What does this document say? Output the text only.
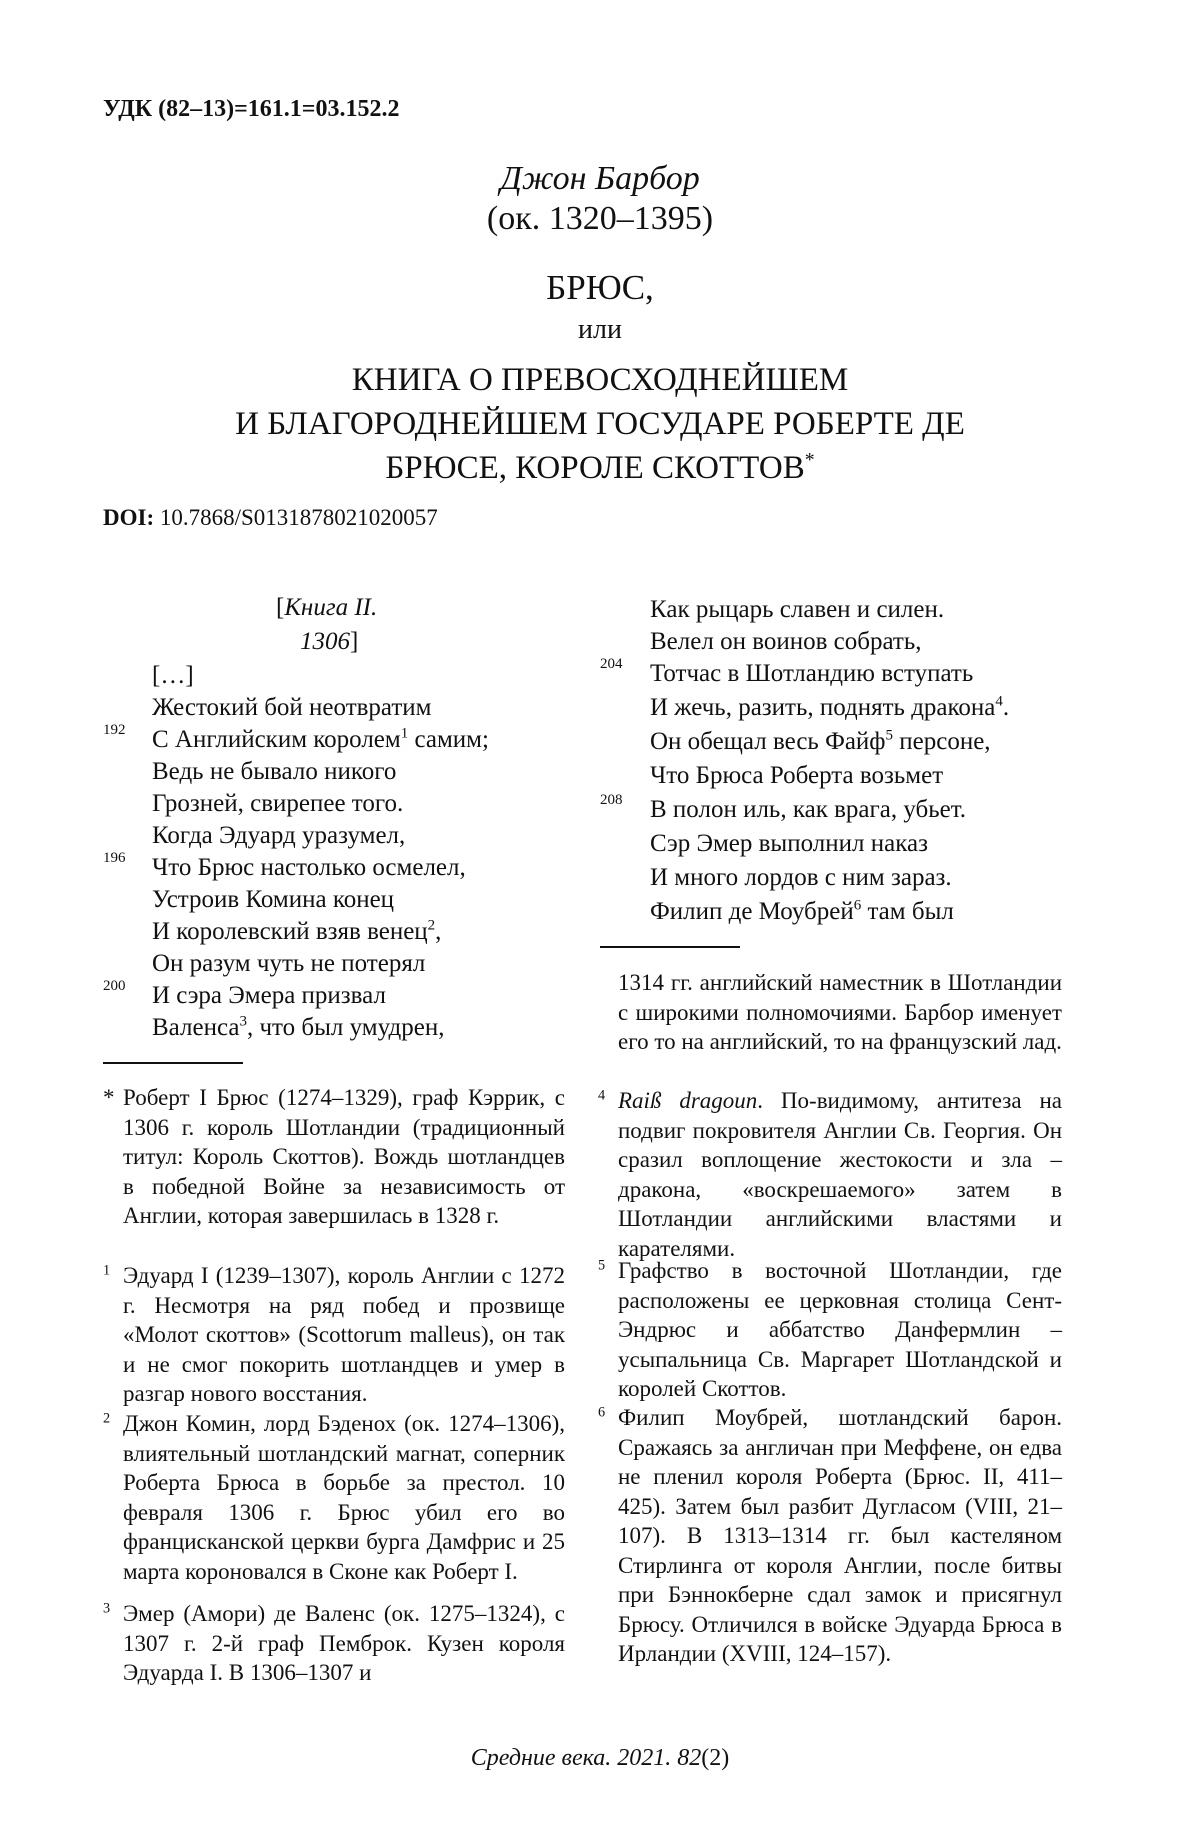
УДК (82–13)=161.1=03.152.2
Джон Барбор
(ок. 1320–1395)
БРЮС,
или
КНИГА О ПРЕВОСХОДНЕЙШЕМ
И БЛАГОРОДНЕЙШЕМ ГОСУДАРЕ РОБЕРТЕ ДЕ
БРЮСЕ, КОРОЛЕ СКОТТОВ*
DOI: 10.7868/S0131878021020057
[Книга II.
1306]
[…]
Жестокий бой неотвратим
192 С Английским королем1 самим;
Ведь не бывало никого
Грозней, свирепее того.
Когда Эдуард уразумел,
196 Что Брюс настолько осмелел,
Устроив Комина конец
И королевский взяв венец2,
Он разум чуть не потерял
200 И сэра Эмера призвал
Валенса3, что был умудрен,
Как рыцарь славен и силен.
Велел он воинов собрать,
204 Тотчас в Шотландию вступать
И жечь, разить, поднять дракона4.
Он обещал весь Файф5 персоне,
Что Брюса Роберта возьмет
208 В полон иль, как врага, убьет.
Сэр Эмер выполнил наказ
И много лордов с ним зараз.
Филип де Моубрей6 там был
* Роберт I Брюс (1274–1329), граф Кэррик, с 1306 г. король Шотландии (традиционный титул: Король Скоттов). Вождь шотландцев в победной Войне за независимость от Англии, которая завершилась в 1328 г.
1 Эдуард I (1239–1307), король Англии с 1272 г. Несмотря на ряд побед и прозвище «Молот скоттов» (Scottorum malleus), он так и не смог покорить шотландцев и умер в разгар нового восстания.
2 Джон Комин, лорд Бэденох (ок. 1274–1306), влиятельный шотландский магнат, соперник Роберта Брюса в борьбе за престол. 10 февраля 1306 г. Брюс убил его во францисканской церкви бурга Дамфрис и 25 марта короновался в Сконе как Роберт I.
3 Эмер (Амори) де Валенс (ок. 1275–1324), с 1307 г. 2-й граф Пемброк. Кузен короля Эдуарда I. В 1306–1307 и
1314 гг. английский наместник в Шотландии с широкими полномочиями. Барбор именует его то на английский, то на французский лад.
4 Raiß dragoun. По-видимому, антитеза на подвиг покровителя Англии Св. Георгия. Он сразил воплощение жестокости и зла – дракона, «воскрешаемого» затем в Шотландии английскими властями и карателями.
5 Графство в восточной Шотландии, где расположены ее церковная столица Сент-Эндрюс и аббатство Данфермлин – усыпальница Св. Маргарет Шотландской и королей Скоттов.
6 Филип Моубрей, шотландский барон. Сражаясь за англичан при Меффене, он едва не пленил короля Роберта (Брюс. II, 411–425). Затем был разбит Дугласом (VIII, 21–107). В 1313–1314 гг. был кастеляном Стирлинга от короля Англии, после битвы при Бэннокберне сдал замок и присягнул Брюсу. Отличился в войске Эдуарда Брюса в Ирландии (XVIII, 124–157).
Средние века. 2021. 82(2)
